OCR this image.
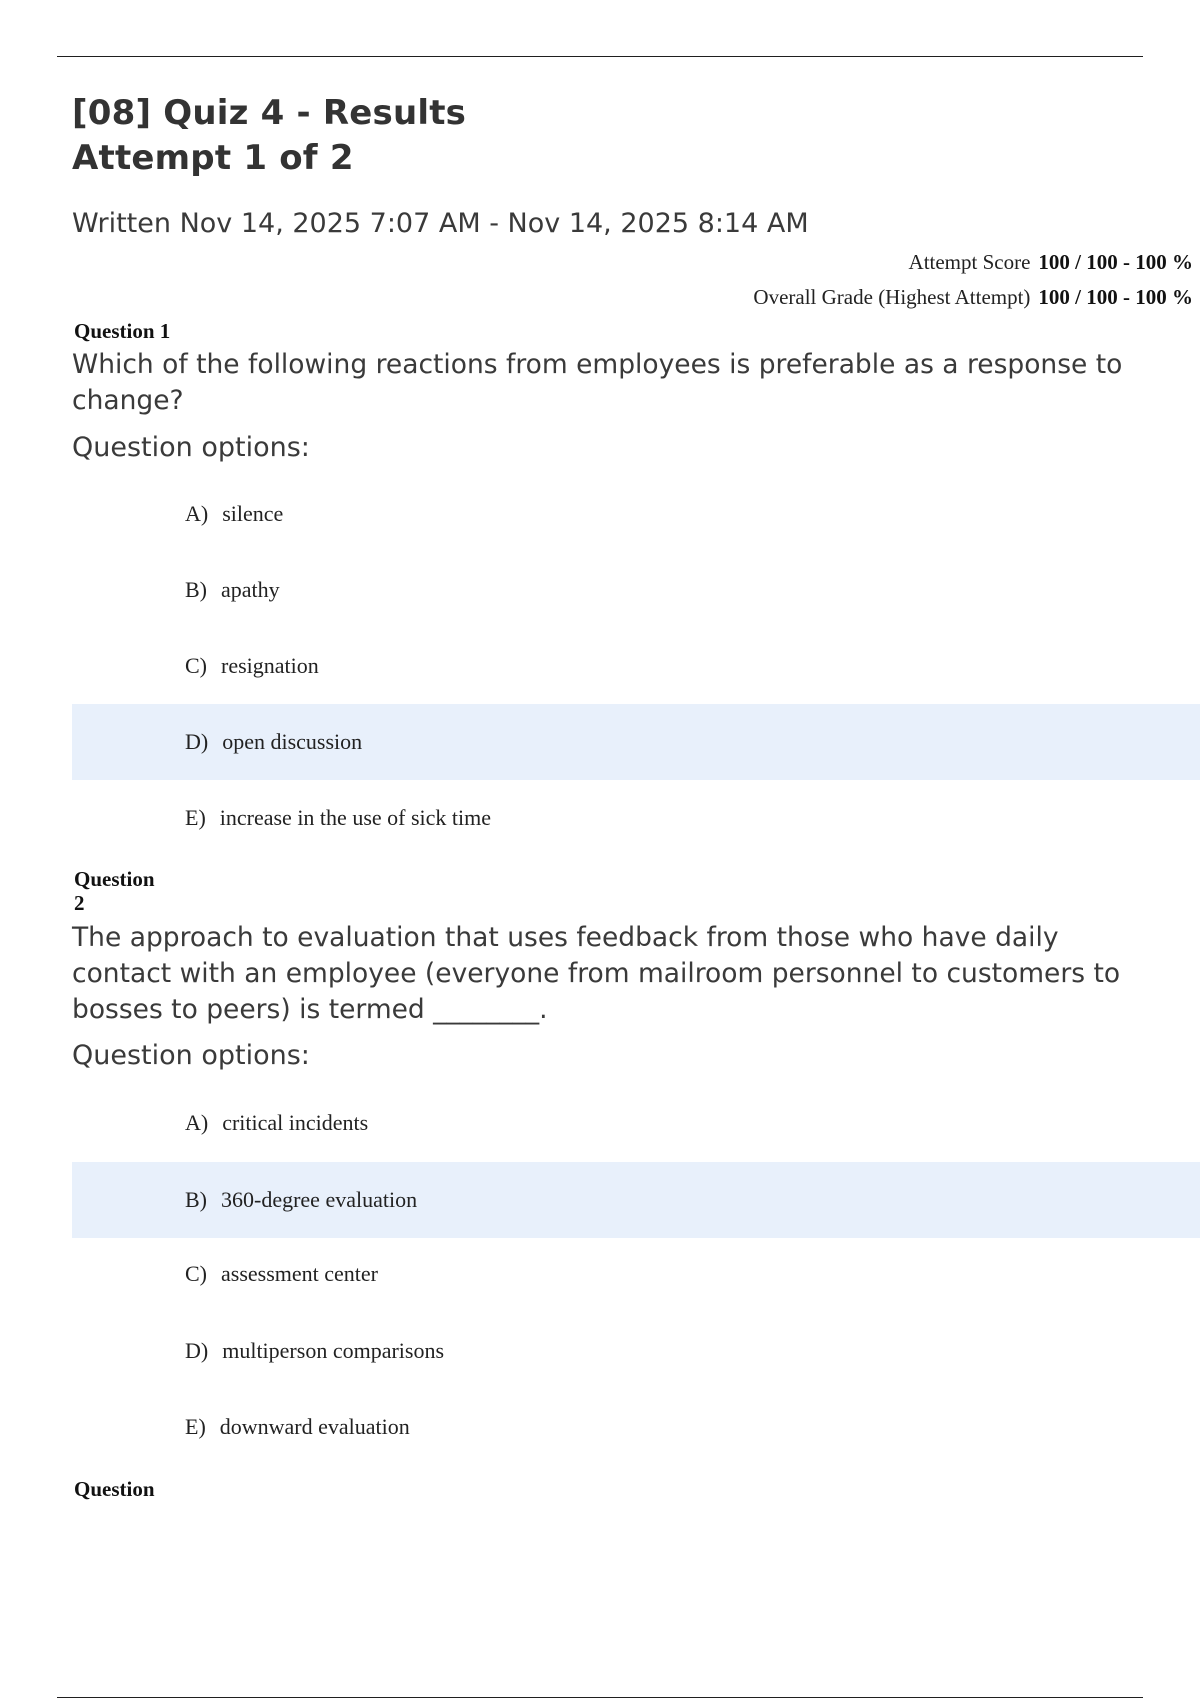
[08] Quiz 4 - Results
Attempt 1 of 2
Written Nov 14, 2025 7:07 AM - Nov 14, 2025 8:14 AM
Attempt Score 100 / 100 - 100 %
Overall Grade (Highest Attempt) 100 / 100 - 100 %
Question 1
Which of the following reactions from employees is preferable as a response to change?
Question options:
A) silence
B) apathy
C) resignation
D) open discussion
E) increase in the use of sick time
Question
2
The approach to evaluation that uses feedback from those who have daily contact with an employee (everyone from mailroom personnel to customers to bosses to peers) is termed ________.
Question options:
A) critical incidents
B) 360-degree evaluation
C) assessment center
D) multiperson comparisons
E) downward evaluation
Question
